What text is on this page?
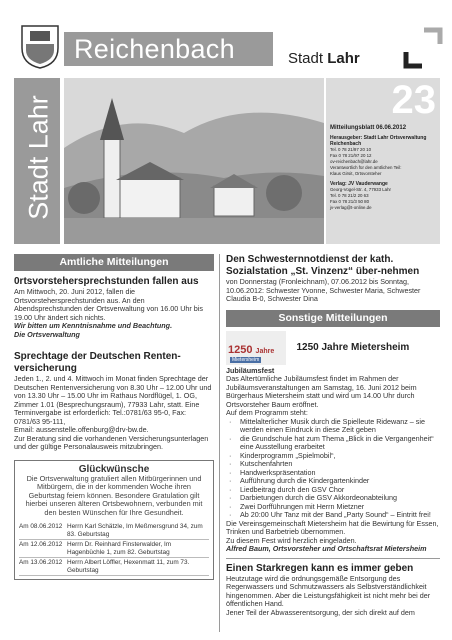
Reichenbach	Stadt Lahr
Stadt Lahr	23
Mitteilungsblatt 06.06.2012
Herausgeber: Stadt Lahr Ortsverwaltung Reichenbach
Tel. 0 78 21/97 20 10
Fax 0 78 21/97 20 12
ov-reichenbach@lahr.de
Verantwortlich für den amtlichen Teil:
Klaus Girsit, Ortsvorsteher
Verlag: JV Vauderwange
Georg-Vogel-Str. 4, 77933 Lahr
Tel. 0 78 21/2 20 63
Fax 0 78 21/3 50 80
jv-verlag@t-online.de
Amtliche Mitteilungen
0rtsvorstehersprechstunden fallen aus
Am Mittwoch, 20. Juni 2012, fallen die Ortsvorstehersprechstunden aus. An den Abendsprechstunden der Ortsverwaltung von 16.00 Uhr bis 19.00 Uhr ändert sich nichts.
Wir bitten um Kenntnisnahme und Beachtung.
Die Ortsverwaltung
Sprechtage der Deutschen Renten-versicherung
Jeden 1., 2. und 4. Mittwoch im Monat finden Sprechtage der Deutschen Rentenversicherung von 8.30 Uhr – 12.00 Uhr und von 13.30 Uhr – 15.00 Uhr im Rathaus Nordflügel, 1. OG, Zimmer 1.01 (Besprechungsraum), 77933 Lahr, statt. Eine Terminvergabe ist erforderlich: Tel.:0781/63 95-0, Fax: 0781/63 95-111,
Email: aussenstelle.offenburg@drv-bw.de.
Zur Beratung sind die vorhandenen Versicherungsunterlagen und der gültige Personalausweis mitzubringen.
Glückwünsche
Die Ortsverwaltung gratuliert allen Mitbürgerinnen und Mitbürgern, die in der kommenden Woche ihren Geburtstag feiern können. Besondere Gratulation gilt hierbei unseren älteren Ortsbewohnern, verbunden mit den besten Wünschen für Ihre Gesundheit.
Am 08.06.2012	Herrn Karl Schätzle, Im Meßmersgrund 34, zum 83. Geburtstag
Am 12.06.2012	Herrn Dr. Reinhard Finsterwalder, Im Hagenbüchle 1, zum 82. Geburtstag
Am 13.06.2012	Herrn Albert Löffler, Hexenmatt 11, zum 73. Geburtstag
Den Schwesternnotdienst der kath. Sozialstation „St. Vinzenz“ über-nehmen
von Donnerstag (Fronleichnam), 07.06.2012 bis Sonntag, 10.06.2012: Schwester Yvonne, Schwester Maria, Schwester Claudia B-0, Schwester Dina
Sonstige Mitteilungen
1250 Jahre
Mietersheim
1250 Jahre Mietersheim
Jubiläumsfest
Das Altertümliche Jubiläumsfest findet im Rahmen der Jubiläumsveranstaltungen am Samstag, 16. Juni 2012 beim Bürgerhaus Mietersheim statt und wird um 14.00 Uhr durch Ortsvorsteher Baum eröffnet.
Auf dem Programm steht:
· Mittelalterlicher Musik durch die Spielleute Ridewanz – sie werden einen Eindruck in diese Zeit geben
· die Grundschule hat zum Thema „Blick in die Vergangenheit“ eine Ausstellung erarbeitet
· Kinderprogramm „Spielmobil“,
· Kutschenfahrten
· Handwerkspräsentation
· Aufführung durch die Kindergartenkinder
· Liedbeitrag durch den GSV Chor
· Darbietungen durch die GSV Akkordeonabteilung
· Zwei Dorfführungen mit Herrn Mietzner
· Ab 20:00 Uhr Tanz mit der Band „Party Sound“ – Eintritt frei!
Die Vereinsgemeinschaft Mietersheim hat die Bewirtung für Essen, Trinken und Barbetrieb übernommen.
Zu diesem Fest wird herzlich eingeladen.
Alfred Baum, Ortsvorsteher und Ortschaftsrat Mietersheim
Einen Starkregen kann es immer geben
Heutzutage wird die ordnungsgemäße Entsorgung des Regenwassers und Schmutzwassers als Selbstverständlichkeit hingenommen. Aber die Leistungsfähigkeit ist nicht mehr bei der öffentlichen Hand.
Jener Teil der Abwasserentsorgung, der sich direkt auf dem
